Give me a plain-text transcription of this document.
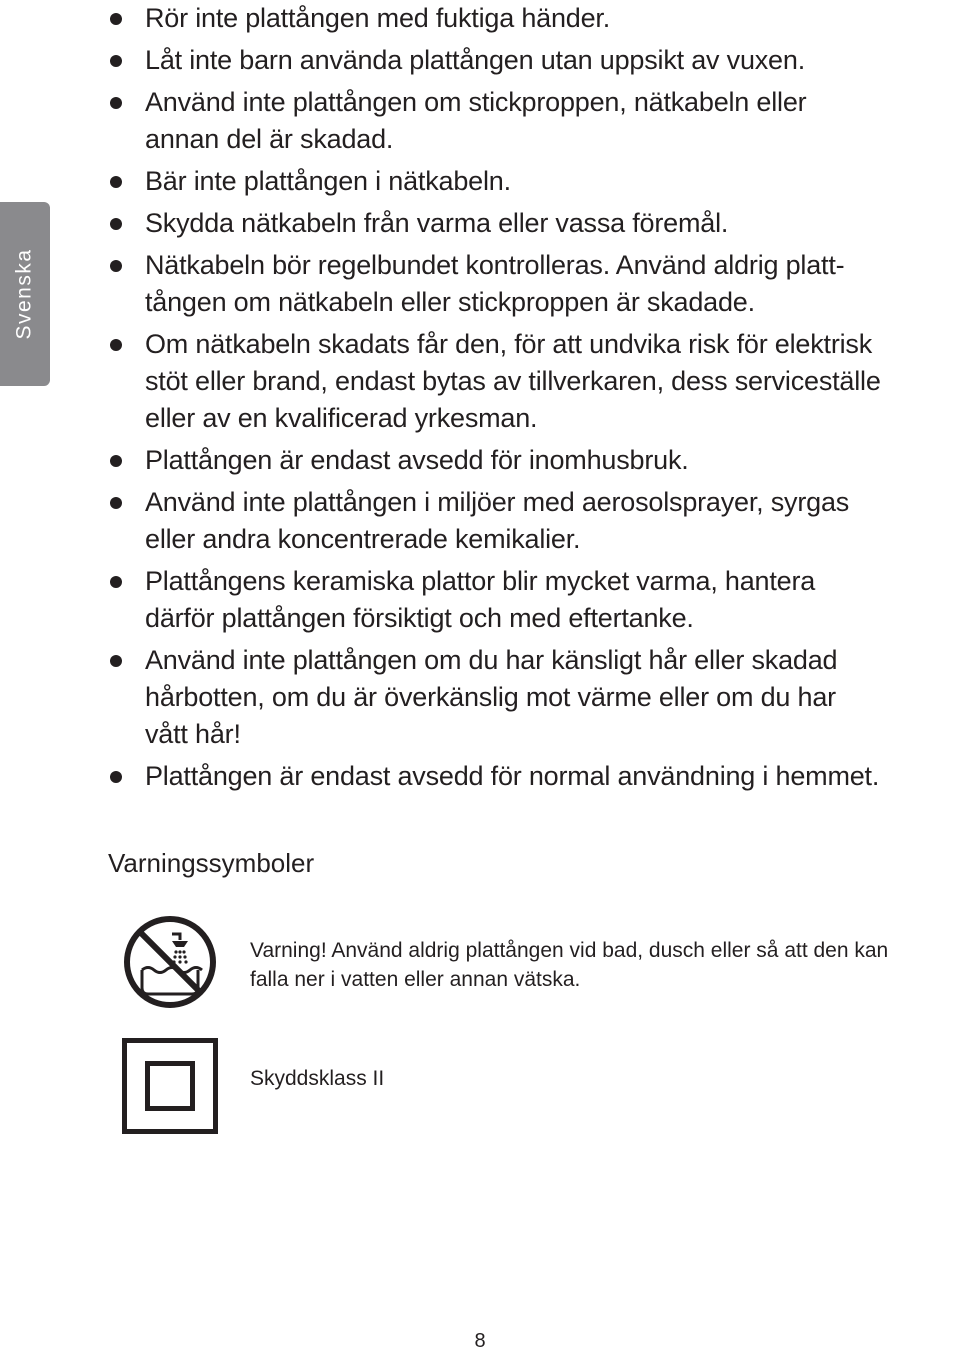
Svenska
Rör inte plattången med fuktiga händer.
Låt inte barn använda plattången utan uppsikt av vuxen.
Använd inte plattången om stickproppen, nätkabeln eller
annan del är skadad.
Bär inte plattången i nätkabeln.
Skydda nätkabeln från varma eller vassa föremål.
Nätkabeln bör regelbundet kontrolleras. Använd aldrig platt-
tången om nätkabeln eller stickproppen är skadade.
Om nätkabeln skadats får den, för att undvika risk för elektrisk
stöt eller brand, endast bytas av tillverkaren, dess serviceställe
eller av en kvalificerad yrkesman.
Plattången är endast avsedd för inomhusbruk.
Använd inte plattången i miljöer med aerosolsprayer, syrgas
eller andra koncentrerade kemikalier.
Plattångens keramiska plattor blir mycket varma, hantera
därför plattången försiktigt och med eftertanke.
Använd inte plattången om du har känsligt hår eller skadad
hårbotten, om du är överkänslig mot värme eller om du har
vått hår!
Plattången är endast avsedd för normal användning i hemmet.
Varningssymboler
Varning! Använd aldrig plattången vid bad, dusch eller så att den kan
falla ner i vatten eller annan vätska.
Skyddsklass II
8
